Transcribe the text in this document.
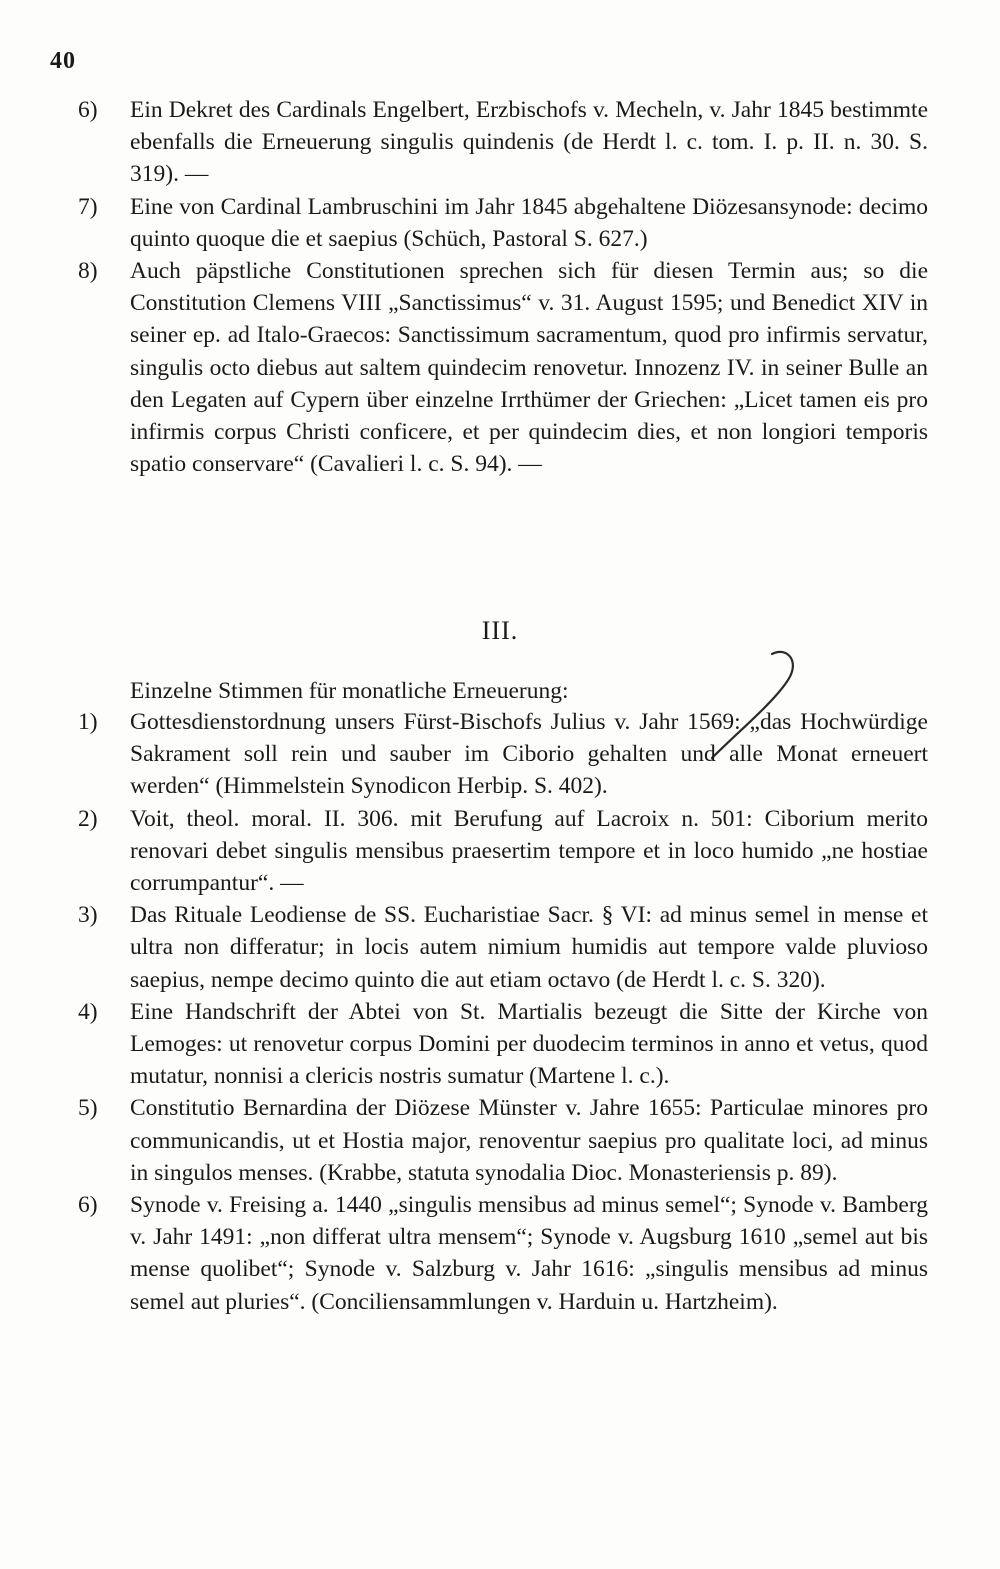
40
6)	Ein Dekret des Cardinals Engelbert, Erzbischofs v. Mecheln, v. Jahr 1845 bestimmte ebenfalls die Erneuerung singulis quindenis (de Herdt l. c. tom. I. p. II. n. 30. S. 319). —
7)	Eine von Cardinal Lambruschini im Jahr 1845 abgehaltene Diözesansynode: decimo quinto quoque die et saepius (Schüch, Pastoral S. 627.)
8)	Auch päpstliche Constitutionen sprechen sich für diesen Termin aus; so die Constitution Clemens VIII „Sanctissimus“ v. 31. August 1595; und Benedict XIV in seiner ep. ad Italo-Graecos: Sanctissimum sacramentum, quod pro infirmis servatur, singulis octo diebus aut saltem quindecim renovetur. Innozenz IV. in seiner Bulle an den Legaten auf Cypern über einzelne Irrthümer der Griechen: „Licet tamen eis pro infirmis corpus Christi conficere, et per quindecim dies, et non longiori temporis spatio conservare“ (Cavalieri l. c. S. 94). —
III.
Einzelne Stimmen für monatliche Erneuerung:
1)	Gottesdienstordnung unsers Fürst-Bischofs Julius v. Jahr 1569: „das Hochwürdige Sakrament soll rein und sauber im Ciborio gehalten und alle Monat erneuert werden“ (Himmelstein Synodicon Herbip. S. 402).
2)	Voit, theol. moral. II. 306. mit Berufung auf Lacroix n. 501: Ciborium merito renovari debet singulis mensibus praesertim tempore et in loco humido „ne hostiae corrumpantur“. —
3)	Das Rituale Leodiense de SS. Eucharistiae Sacr. § VI: ad minus semel in mense et ultra non differatur; in locis autem nimium humidis aut tempore valde pluvioso saepius, nempe decimo quinto die aut etiam octavo (de Herdt l. c. S. 320).
4)	Eine Handschrift der Abtei von St. Martialis bezeugt die Sitte der Kirche von Lemoges: ut renovetur corpus Domini per duodecim terminos in anno et vetus, quod mutatur, nonnisi a clericis nostris sumatur (Martene l. c.).
5)	Constitutio Bernardina der Diözese Münster v. Jahre 1655: Particulae minores pro communicandis, ut et Hostia major, renoventur saepius pro qualitate loci, ad minus in singulos menses. (Krabbe, statuta synodalia Dioc. Monasteriensis p. 89).
6)	Synode v. Freising a. 1440 „singulis mensibus ad minus semel“; Synode v. Bamberg v. Jahr 1491: „non differat ultra mensem“; Synode v. Augsburg 1610 „semel aut bis mense quolibet“; Synode v. Salzburg v. Jahr 1616: „singulis mensibus ad minus semel aut pluries“. (Conciliensammlungen v. Harduin u. Hartzheim).
